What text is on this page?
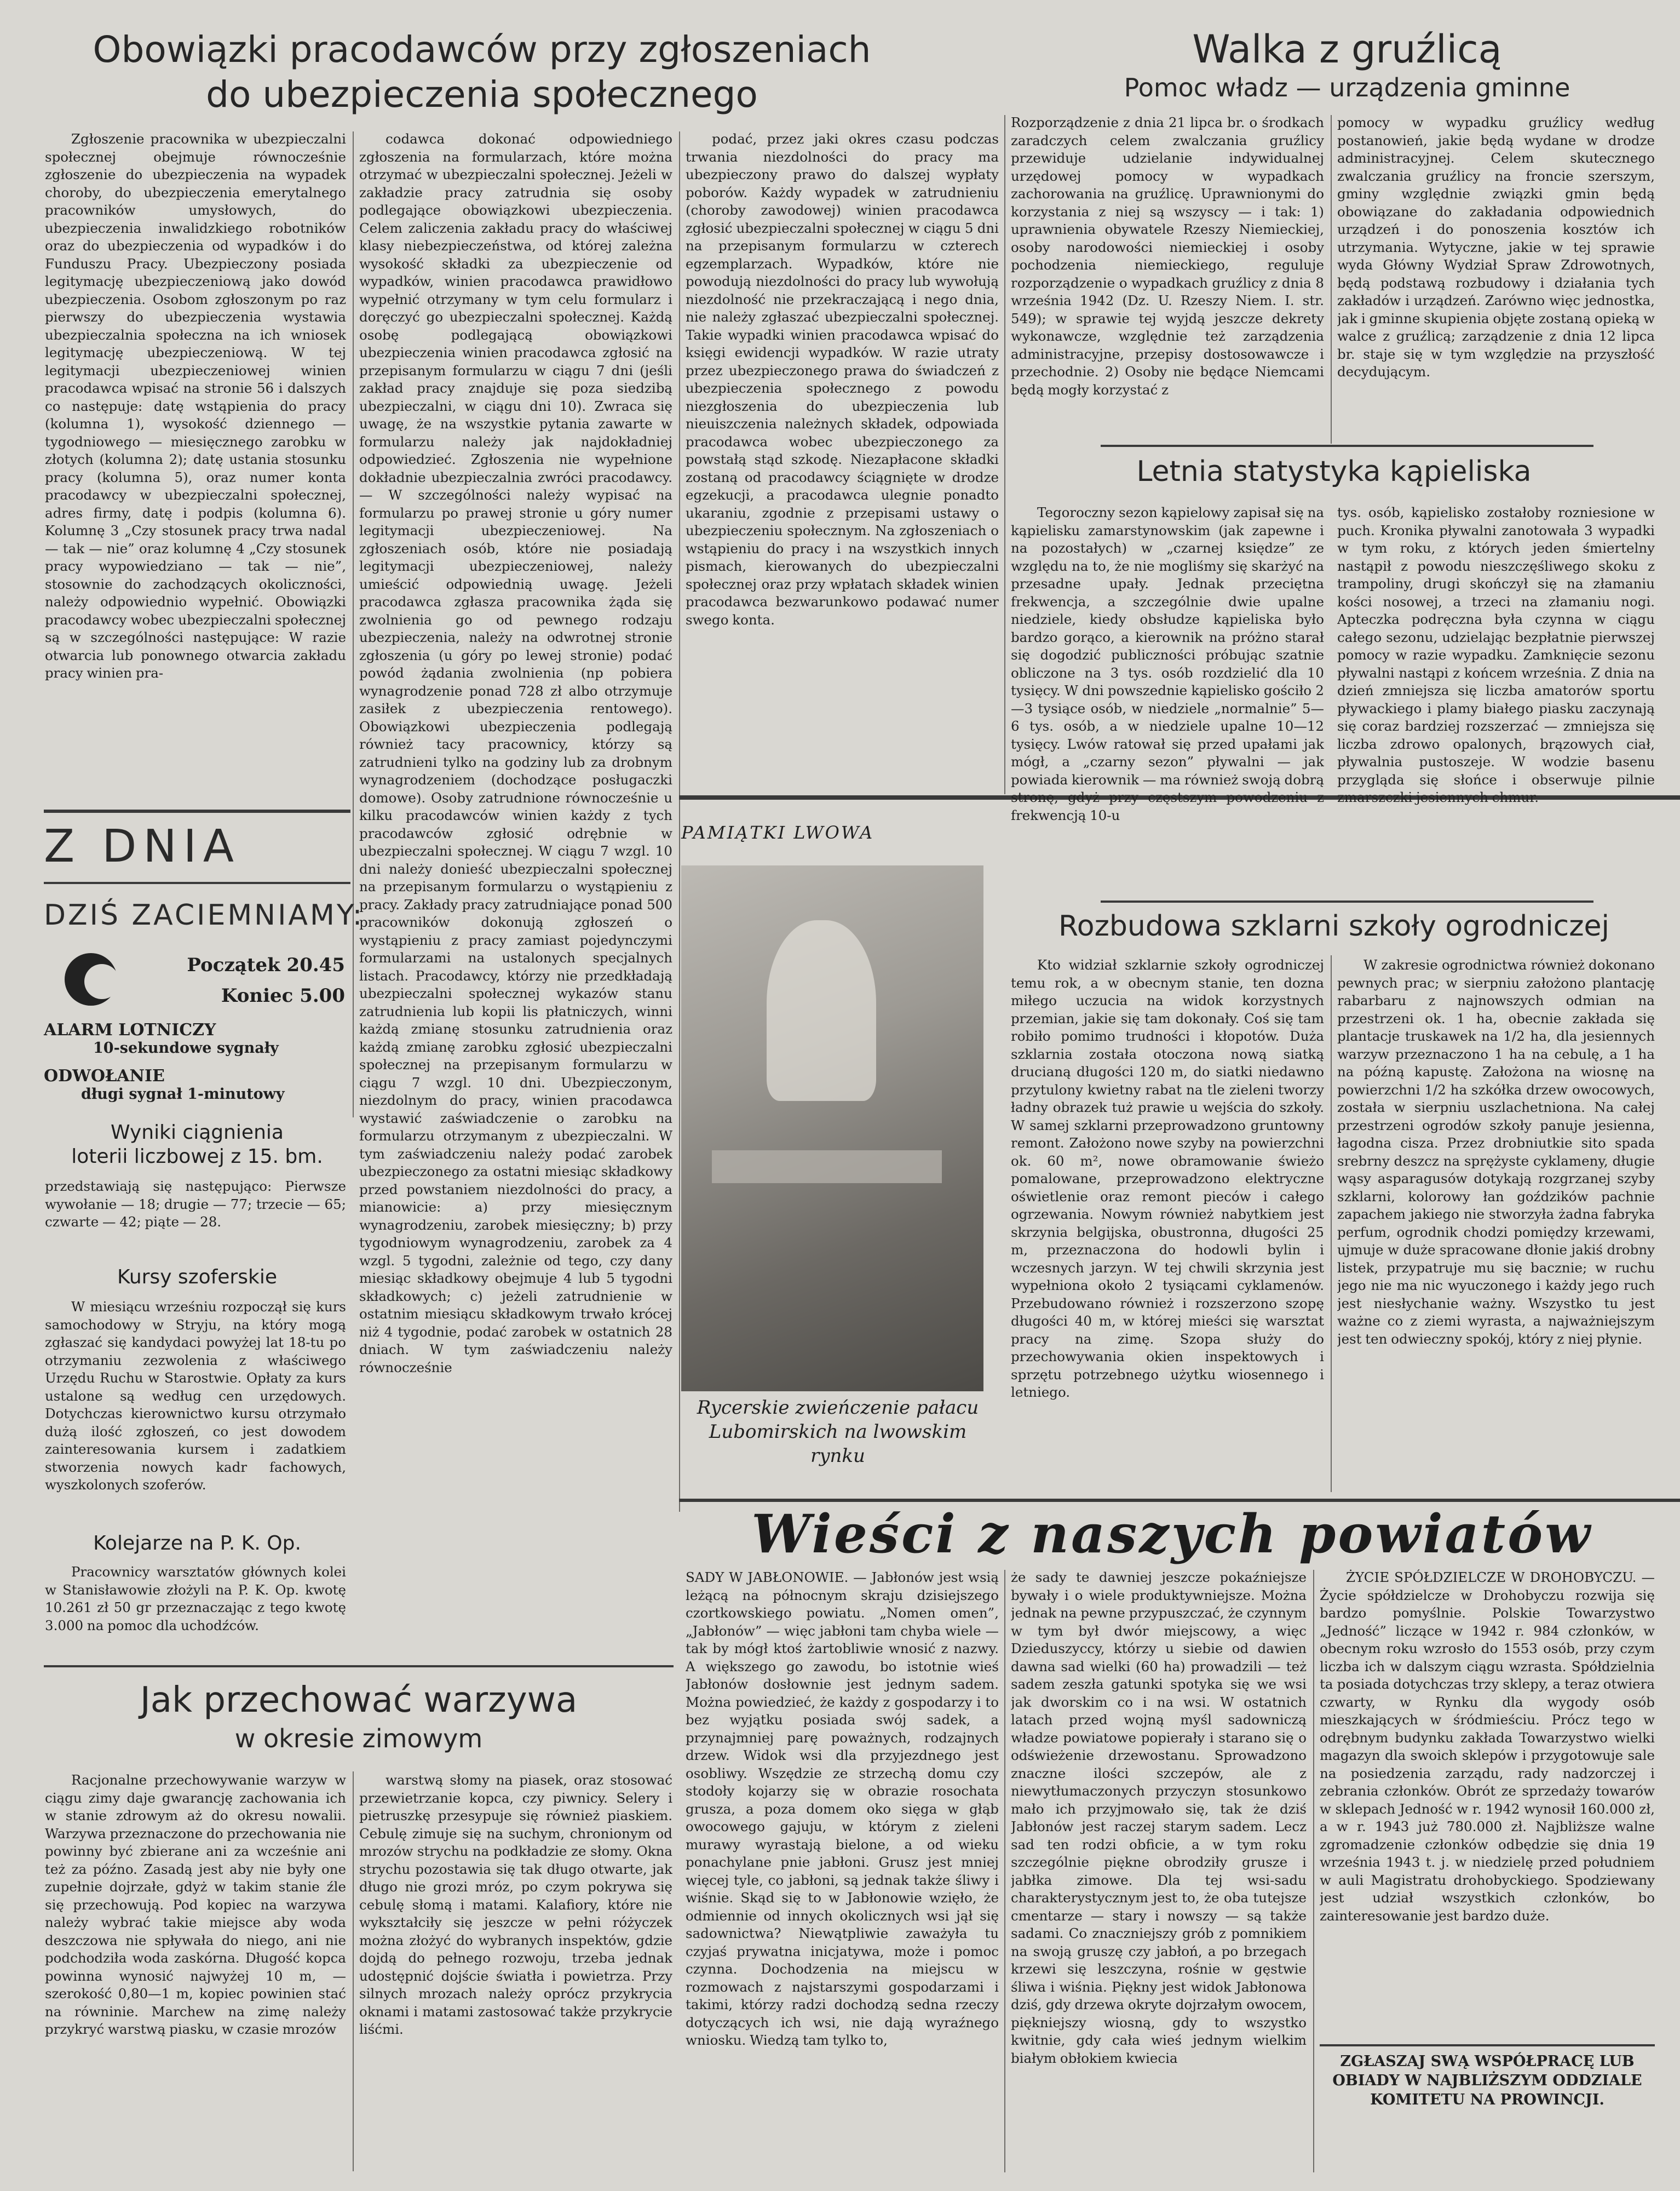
Obowiązki pracodawców przy zgłoszeniach
do ubezpieczenia społecznego
Zgłoszenie pracownika w ubezpieczalni społecznej obejmuje równocześnie zgłoszenie do ubezpieczenia na wypadek choroby, do ubezpieczenia emerytalnego pracowników umysłowych, do ubezpieczenia inwalidzkiego robotników oraz do ubezpieczenia od wypadków i do Funduszu Pracy. Ubezpieczony posiada legitymację ubezpieczeniową jako dowód ubezpieczenia. Osobom zgłoszonym po raz pierwszy do ubezpieczenia wystawia ubezpieczalnia społeczna na ich wniosek legitymację ubezpieczeniową. W tej legitymacji ubezpieczeniowej winien pracodawca wpisać na stronie 56 i dalszych co następuje: datę wstąpienia do pracy (kolumna 1), wysokość dziennego — tygodniowego — miesięcznego zarobku w złotych (kolumna 2); datę ustania stosunku pracy (kolumna 5), oraz numer konta pracodawcy w ubezpieczalni społecznej, adres firmy, datę i podpis (kolumna 6). Kolumnę 3 „Czy stosunek pracy trwa nadal — tak — nie” oraz kolumnę 4 „Czy stosunek pracy wypowiedziano — tak — nie”, stosownie do zachodzących okoliczności, należy odpowiednio wypełnić. Obowiązki pracodawcy wobec ubezpieczalni społecznej są w szczególności następujące: W razie otwarcia lub ponownego otwarcia zakładu pracy winien pra-
codawca dokonać odpowiedniego zgłoszenia na formularzach, które można otrzymać w ubezpieczalni społecznej. Jeżeli w zakładzie pracy zatrudnia się osoby podlegające obowiązkowi ubezpieczenia. Celem zaliczenia zakładu pracy do właściwej klasy niebezpieczeństwa, od której zależna wysokość składki za ubezpieczenie od wypadków, winien pracodawca prawidłowo wypełnić otrzymany w tym celu formularz i doręczyć go ubezpieczalni społecznej. Każdą osobę podlegającą obowiązkowi ubezpieczenia winien pracodawca zgłosić na przepisanym formularzu w ciągu 7 dni (jeśli zakład pracy znajduje się poza siedzibą ubezpieczalni, w ciągu dni 10). Zwraca się uwagę, że na wszystkie pytania zawarte w formularzu należy jak najdokładniej odpowiedzieć. Zgłoszenia nie wypełnione dokładnie ubezpieczalnia zwróci pracodawcy. — W szczególności należy wypisać na formularzu po prawej stronie u góry numer legitymacji ubezpieczeniowej. Na zgłoszeniach osób, które nie posiadają legitymacji ubezpieczeniowej, należy umieścić odpowiednią uwagę. Jeżeli pracodawca zgłasza pracownika żąda się zwolnienia go od pewnego rodzaju ubezpieczenia, należy na odwrotnej stronie zgłoszenia (u góry po lewej stronie) podać powód żądania zwolnienia (np pobiera wynagrodzenie ponad 728 zł albo otrzymuje zasiłek z ubezpieczenia rentowego). Obowiązkowi ubezpieczenia podlegają również tacy pracownicy, którzy są zatrudnieni tylko na godziny lub za drobnym wynagrodzeniem (dochodzące posługaczki domowe). Osoby zatrudnione równocześnie u kilku pracodawców winien każdy z tych pracodawców zgłosić odrębnie w ubezpieczalni społecznej. W ciągu 7 wzgl. 10 dni należy donieść ubezpieczalni społecznej na przepisanym formularzu o wystąpieniu z pracy. Zakłady pracy zatrudniające ponad 500 pracowników dokonują zgłoszeń o wystąpieniu z pracy zamiast pojedynczymi formularzami na ustalonych specjalnych listach. Pracodawcy, którzy nie przedkładają ubezpieczalni społecznej wykazów stanu zatrudnienia lub kopii lis płatniczych, winni każdą zmianę stosunku zatrudnienia oraz każdą zmianę zarobku zgłosić ubezpieczalni społecznej na przepisanym formularzu w ciągu 7 wzgl. 10 dni. Ubezpieczonym, niezdolnym do pracy, winien pracodawca wystawić zaświadczenie o zarobku na formularzu otrzymanym z ubezpieczalni. W tym zaświadczeniu należy podać zarobek ubezpieczonego za ostatni miesiąc składkowy przed powstaniem niezdolności do pracy, a mianowicie: a) przy miesięcznym wynagrodzeniu, zarobek miesięczny; b) przy tygodniowym wynagrodzeniu, zarobek za 4 wzgl. 5 tygodni, zależnie od tego, czy dany miesiąc składkowy obejmuje 4 lub 5 tygodni składkowych; c) jeżeli zatrudnienie w ostatnim miesiącu składkowym trwało krócej niż 4 tygodnie, podać zarobek w ostatnich 28 dniach. W tym zaświadczeniu należy równocześnie
podać, przez jaki okres czasu podczas trwania niezdolności do pracy ma ubezpieczony prawo do dalszej wypłaty poborów. Każdy wypadek w zatrudnieniu (choroby zawodowej) winien pracodawca zgłosić ubezpieczalni społecznej w ciągu 5 dni na przepisanym formularzu w czterech egzemplarzach. Wypadków, które nie powodują niezdolności do pracy lub wywołują niezdolność nie przekraczającą i nego dnia, nie należy zgłaszać ubezpieczalni społecznej. Takie wypadki winien pracodawca wpisać do księgi ewidencji wypadków. W razie utraty przez ubezpieczonego prawa do świadczeń z ubezpieczenia społecznego z powodu niezgłoszenia do ubezpieczenia lub nieuiszczenia należnych składek, odpowiada pracodawca wobec ubezpieczonego za powstałą stąd szkodę. Niezapłacone składki zostaną od pracodawcy ściągnięte w drodze egzekucji, a pracodawca ulegnie ponadto ukaraniu, zgodnie z przepisami ustawy o ubezpieczeniu społecznym. Na zgłoszeniach o wstąpieniu do pracy i na wszystkich innych pismach, kierowanych do ubezpieczalni społecznej oraz przy wpłatach składek winien pracodawca bezwarunkowo podawać numer swego konta.
Z DNIA
DZIŚ ZACIEMNIAMY:
Początek 20.45
Koniec 5.00
ALARM LOTNICZY
10-sekundowe sygnały
ODWOŁANIE
długi sygnał 1-minutowy
Wyniki ciągnienia
loterii liczbowej z 15. bm.
przedstawiają się następująco: Pierwsze wywołanie — 18; drugie — 77; trzecie — 65; czwarte — 42; piąte — 28.
Kursy szoferskie
W miesiącu wrześniu rozpoczął się kurs samochodowy w Stryju, na który mogą zgłaszać się kandydaci powyżej lat 18-tu po otrzymaniu zezwolenia z właściwego Urzędu Ruchu w Starostwie. Opłaty za kurs ustalone są według cen urzędowych. Dotychczas kierownictwo kursu otrzymało dużą ilość zgłoszeń, co jest dowodem zainteresowania kursem i zadatkiem stworzenia nowych kadr fachowych, wyszkolonych szoferów.
Kolejarze na P. K. Op.
Pracownicy warsztatów głównych kolei w Stanisławowie złożyli na P. K. Op. kwotę 10.261 zł 50 gr przeznaczając z tego kwotę 3.000 na pomoc dla uchodźców.
PAMIĄTKI LWOWA
Rycerskie zwieńczenie pałacu Lubomirskich na lwowskim rynku
Walka z gruźlicą
Pomoc władz — urządzenia gminne
Rozporządzenie z dnia 21 lipca br. o środkach zaradczych celem zwalczania gruźlicy przewiduje udzielanie indywidualnej urzędowej pomocy w wypadkach zachorowania na gruźlicę. Uprawnionymi do korzystania z niej są wszyscy — i tak: 1) uprawnienia obywatele Rzeszy Niemieckiej, osoby narodowości niemieckiej i osoby pochodzenia niemieckiego, reguluje rozporządzenie o wypadkach gruźlicy z dnia 8 września 1942 (Dz. U. Rzeszy Niem. I. str. 549); w sprawie tej wyjdą jeszcze dekrety wykonawcze, względnie też zarządzenia administracyjne, przepisy dostosowawcze i przechodnie. 2) Osoby nie będące Niemcami będą mogły korzystać z
pomocy w wypadku gruźlicy według postanowień, jakie będą wydane w drodze administracyjnej. Celem skutecznego zwalczania gruźlicy na froncie szerszym, gminy względnie związki gmin będą obowiązane do zakładania odpowiednich urządzeń i do ponoszenia kosztów ich utrzymania. Wytyczne, jakie w tej sprawie wyda Główny Wydział Spraw Zdrowotnych, będą podstawą rozbudowy i działania tych zakładów i urządzeń. Zarówno więc jednostka, jak i gminne skupienia objęte zostaną opieką w walce z gruźlicą; zarządzenie z dnia 12 lipca br. staje się w tym względzie na przyszłość decydującym.
Letnia statystyka kąpieliska
Tegoroczny sezon kąpielowy zapisał się na kąpielisku zamarstynowskim (jak zapewne i na pozostałych) w „czarnej księdze” ze względu na to, że nie mogliśmy się skarżyć na przesadne upały. Jednak przeciętna frekwencja, a szczególnie dwie upalne niedziele, kiedy obsłudze kąpieliska było bardzo gorąco, a kierownik na próżno starał się dogodzić publiczności próbując szatnie obliczone na 3 tys. osób rozdzielić dla 10 tysięcy. W dni powszednie kąpielisko gościło 2—3 tysiące osób, w niedziele „normalnie” 5—6 tys. osób, a w niedziele upalne 10—12 tysięcy. Lwów ratował się przed upałami jak mógł, a „czarny sezon” pływalni — jak powiada kierownik — ma również swoją dobrą stronę, gdyż przy częstszym powodzeniu z frekwencją 10-u
tys. osób, kąpielisko zostałoby rozniesione w puch. Kronika pływalni zanotowała 3 wypadki w tym roku, z których jeden śmiertelny nastąpił z powodu nieszczęśliwego skoku z trampoliny, drugi skończył się na złamaniu kości nosowej, a trzeci na złamaniu nogi. Apteczka podręczna była czynna w ciągu całego sezonu, udzielając bezpłatnie pierwszej pomocy w razie wypadku. Zamknięcie sezonu pływalni nastąpi z końcem września. Z dnia na dzień zmniejsza się liczba amatorów sportu pływackiego i plamy białego piasku zaczynają się coraz bardziej rozszerzać — zmniejsza się liczba zdrowo opalonych, brązowych ciał, pływalnia pustoszeje. W wodzie basenu przygląda się słońce i obserwuje pilnie zmarszczki jesiennych chmur.
Rozbudowa szklarni szkoły ogrodniczej
Kto widział szklarnie szkoły ogrodniczej temu rok, a w obecnym stanie, ten dozna miłego uczucia na widok korzystnych przemian, jakie się tam dokonały. Coś się tam robiło pomimo trudności i kłopotów. Duża szklarnia została otoczona nową siatką drucianą długości 120 m, do siatki niedawno przytulony kwietny rabat na tle zieleni tworzy ładny obrazek tuż prawie u wejścia do szkoły. W samej szklarni przeprowadzono gruntowny remont. Założono nowe szyby na powierzchni ok. 60 m², nowe obramowanie świeżo pomalowane, przeprowadzono elektryczne oświetlenie oraz remont pieców i całego ogrzewania. Nowym również nabytkiem jest skrzynia belgijska, obustronna, długości 25 m, przeznaczona do hodowli bylin i wczesnych jarzyn. W tej chwili skrzynia jest wypełniona około 2 tysiącami cyklamenów. Przebudowano również i rozszerzono szopę długości 40 m, w której mieści się warsztat pracy na zimę. Szopa służy do przechowywania okien inspektowych i sprzętu potrzebnego użytku wiosennego i letniego.
W zakresie ogrodnictwa również dokonano pewnych prac; w sierpniu założono plantację rabarbaru z najnowszych odmian na przestrzeni ok. 1 ha, obecnie zakłada się plantacje truskawek na 1/2 ha, dla jesiennych warzyw przeznaczono 1 ha na cebulę, a 1 ha na późną kapustę. Założona na wiosnę na powierzchni 1/2 ha szkółka drzew owocowych, została w sierpniu uszlachetniona. Na całej przestrzeni ogrodów szkoły panuje jesienna, łagodna cisza. Przez drobniutkie sito spada srebrny deszcz na sprężyste cyklameny, długie wąsy asparagusów dotykają rozgrzanej szyby szklarni, kolorowy łan goździków pachnie zapachem jakiego nie stworzyła żadna fabryka perfum, ogrodnik chodzi pomiędzy krzewami, ujmuje w duże spracowane dłonie jakiś drobny listek, przypatruje mu się bacznie; w ruchu jego nie ma nic wyuczonego i każdy jego ruch jest niesłychanie ważny. Wszystko tu jest ważne co z ziemi wyrasta, a najważniejszym jest ten odwieczny spokój, który z niej płynie.
Jak przechować warzywa
w okresie zimowym
Racjonalne przechowywanie warzyw w ciągu zimy daje gwarancję zachowania ich w stanie zdrowym aż do okresu nowalii. Warzywa przeznaczone do przechowania nie powinny być zbierane ani za wcześnie ani też za późno. Zasadą jest aby nie były one zupełnie dojrzałe, gdyż w takim stanie źle się przechowują. Pod kopiec na warzywa należy wybrać takie miejsce aby woda deszczowa nie spływała do niego, ani nie podchodziła woda zaskórna. Długość kopca powinna wynosić najwyżej 10 m, — szerokość 0,80—1 m, kopiec powinien stać na równinie. Marchew na zimę należy przykryć warstwą piasku, w czasie mrozów
warstwą słomy na piasek, oraz stosować przewietrzanie kopca, czy piwnicy. Selery i pietruszkę przesypuje się również piaskiem. Cebulę zimuje się na suchym, chronionym od mrozów strychu na podkładzie ze słomy. Okna strychu pozostawia się tak długo otwarte, jak długo nie grozi mróz, po czym pokrywa się cebulę słomą i matami. Kalafiory, które nie wykształciły się jeszcze w pełni różyczek można złożyć do wybranych inspektów, gdzie dojdą do pełnego rozwoju, trzeba jednak udostępnić dojście światła i powietrza. Przy silnych mrozach należy oprócz przykrycia oknami i matami zastosować także przykrycie liśćmi.
Wieści z naszych powiatów
SADY W JABŁONOWIE. — Jabłonów jest wsią leżącą na północnym skraju dzisiejszego czortkowskiego powiatu. „Nomen omen”, „Jabłonów” — więc jabłoni tam chyba wiele — tak by mógł ktoś żartobliwie wnosić z nazwy. A większego go zawodu, bo istotnie wieś Jabłonów dosłownie jest jednym sadem. Można powiedzieć, że każdy z gospodarzy i to bez wyjątku posiada swój sadek, a przynajmniej parę poważnych, rodzajnych drzew. Widok wsi dla przyjezdnego jest osobliwy. Wszędzie ze strzechą domu czy stodoły kojarzy się w obrazie rosochata grusza, a poza domem oko sięga w głąb owocowego gajuju, w którym z zieleni murawy wyrastają bielone, a od wieku ponachylane pnie jabłoni. Grusz jest mniej więcej tyle, co jabłoni, są jednak także śliwy i wiśnie. Skąd się to w Jabłonowie wzięło, że odmiennie od innych okolicznych wsi jął się sadownictwa? Niewątpliwie zaważyła tu czyjaś prywatna inicjatywa, może i pomoc czynna. Dochodzenia na miejscu w rozmowach z najstarszymi gospodarzami i takimi, którzy radzi dochodzą sedna rzeczy dotyczących ich wsi, nie dają wyraźnego wniosku. Wiedzą tam tylko to,
że sady te dawniej jeszcze pokaźniejsze bywały i o wiele produktywniejsze. Można jednak na pewne przypuszczać, że czynnym w tym był dwór miejscowy, a więc Dzieduszyccy, którzy u siebie od dawien dawna sad wielki (60 ha) prowadzili — też sadem zeszła gatunki spotyka się we wsi jak dworskim co i na wsi. W ostatnich latach przed wojną myśl sadowniczą władze powiatowe popierały i starano się o odświeżenie drzewostanu. Sprowadzono znaczne ilości szczepów, ale z niewytłumaczonych przyczyn stosunkowo mało ich przyjmowało się, tak że dziś Jabłonów jest raczej starym sadem. Lecz sad ten rodzi obficie, a w tym roku szczególnie piękne obrodziły grusze i jabłka zimowe. Dla tej wsi-sadu charakterystycznym jest to, że oba tutejsze cmentarze — stary i nowszy — są także sadami. Co znaczniejszy grób z pomnikiem na swoją gruszę czy jabłoń, a po brzegach krzewi się leszczyna, rośnie w gęstwie śliwa i wiśnia. Piękny jest widok Jabłonowa dziś, gdy drzewa okryte dojrzałym owocem, piękniejszy wiosną, gdy to wszystko kwitnie, gdy cała wieś jednym wielkim białym obłokiem kwiecia
ŻYCIE SPÓŁDZIELCZE W DROHOBYCZU. — Życie spółdzielcze w Drohobyczu rozwija się bardzo pomyślnie. Polskie Towarzystwo „Jedność” liczące w 1942 r. 984 członków, w obecnym roku wzrosło do 1553 osób, przy czym liczba ich w dalszym ciągu wzrasta. Spółdzielnia ta posiada dotychczas trzy sklepy, a teraz otwiera czwarty, w Rynku dla wygody osób mieszkających w śródmieściu. Prócz tego w odrębnym budynku zakłada Towarzystwo wielki magazyn dla swoich sklepów i przygotowuje sale na posiedzenia zarządu, rady nadzorczej i zebrania członków. Obrót ze sprzedaży towarów w sklepach Jedność w r. 1942 wynosił 160.000 zł, a w r. 1943 już 780.000 zł. Najbliższe walne zgromadzenie członków odbędzie się dnia 19 września 1943 t. j. w niedzielę przed południem w auli Magistratu drohobyckiego. Spodziewany jest udział wszystkich członków, bo zainteresowanie jest bardzo duże.
ZGŁASZAJ SWĄ WSPÓŁPRACĘ LUB OBIADY W NAJBLIŻSZYM ODDZIALE KOMITETU NA PROWINCJI.
